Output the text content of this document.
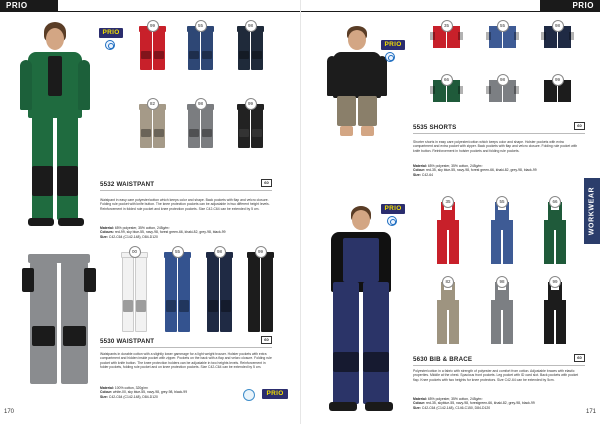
PRIO
PRIO
99	55	98
82	98	99
5532 WAISTPANT	60
Waistpant in easy care polyester/cotton which keeps color and shape. Back pockets with flap and velcro closure. Folding rule pocket with knife button. The knee protection pockets can be adjustable in two different height levels. Reinforcement in folded rule pocket and knee protection pockets. Size C42-C64 can be extended by 5 cm.
Material: 65% polyester, 35% cotton, 245g/m²
Colours: red-99, sky blue-55, navy-98, forest green-66, khaki-82, grey-98, black-99
Size: C42-C64 (C142-148), D84-D120
00	55	98	99
5530 WAISTPANT	60
Waistpants in durable cotton with a slightly lower gammage for a light weight trouser. Holster pockets with extra compartment and hidden inside pocket with zipper. Pockets on the back with a flap and velcro closure. Folding rule pocket with knife button. The knee protection holders can be adjustable in two heights levels. Reinforcement in folder pockets, folding rule pocket and on knee protection pockets. Size C42-C64 can be extended by 5 cm.
Material: 100% cotton, 320g/m²
Colour: white-00, sky blue-55, navy-98, grey-98, black-99
Size: C42-C64 (C142-148), D84-D120	PRIO
170
PRIO
PRIO
35	55	98
66	98	99
5535 SHORTS	60
Shorter shorts in easy care polyester/cotton which keeps color and shape. Holster pockets with extra compartment and extra pocket with zipper. Back pockets with flap and velcro closure. Folding rule pocket with knife button. Reinforcement in holster pockets and folding rule pockets.
Material: 65% polyester, 35% cotton, 245g/m²
Colour: red-35, sky blue-55, navy-98, forest green-66, khaki-82, grey-98, black-99
Size: C42-64
PRIO
35	55	66
82	98	99
5630 BIB & BRACE	60
Polyester/cotton in a fabric with strength of polyester and comfort from cotton. Adjustable braces with elastic properties. Middle at the chest. Spacious front pockets. Leg pocket with ID card slot. Back pockets with pocket flap. Knee pockets with two heights for knee protectors. Size C42-64 can be extended by 5cm.
Material: 65% polyester, 35% cotton, 245g/m²
Colour: red-35, skyblue-55, navy-98, forestgreen-66, khaki-82, grey-98, black-99
Size: C42-C64 (C142-148), C146-C150, D84-D120
WORKWEAR
171
